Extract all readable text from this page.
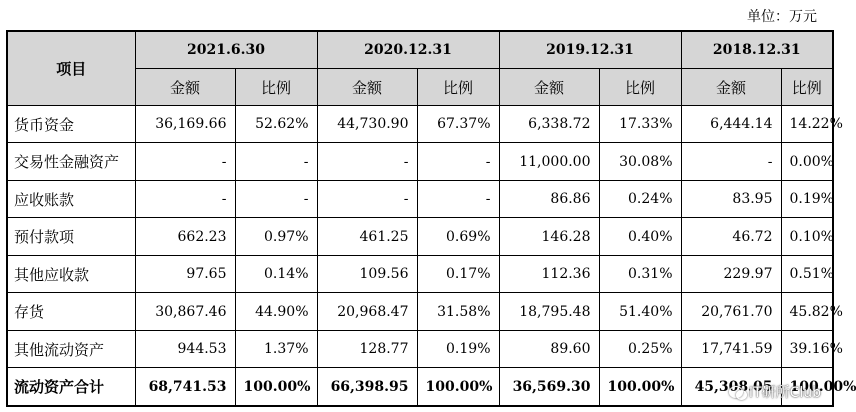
单位：万元
项目	2021.6.30		2020.12.31		2019.12.31		2018.12.31	
	金额	比例	金额	比例	金额	比例	金额	比例
货币资金	36,169.66	52.62%	44,730.90	67.37%	6,338.72	17.33%	6,444.14	14.22%
交易性金融资产	-	-	-	-	11,000.00	30.08%	-	0.00%
应收账款	-	-	-	-	86.86	0.24%	83.95	0.19%
预付款项	662.23	0.97%	461.25	0.69%	146.28	0.40%	46.72	0.10%
其他应收款	97.65	0.14%	109.56	0.17%	112.36	0.31%	229.97	0.51%
存货	30,867.46	44.90%	20,968.47	31.58%	18,795.48	51.40%	20,761.70	45.82%
其他流动资产	944.53	1.37%	128.77	0.19%	89.60	0.25%	17,741.59	39.16%
流动资产合计	68,741.53	100.00%	66,398.95	100.00%	36,569.30	100.00%	45,308.05	100.00%
IT研所Club
